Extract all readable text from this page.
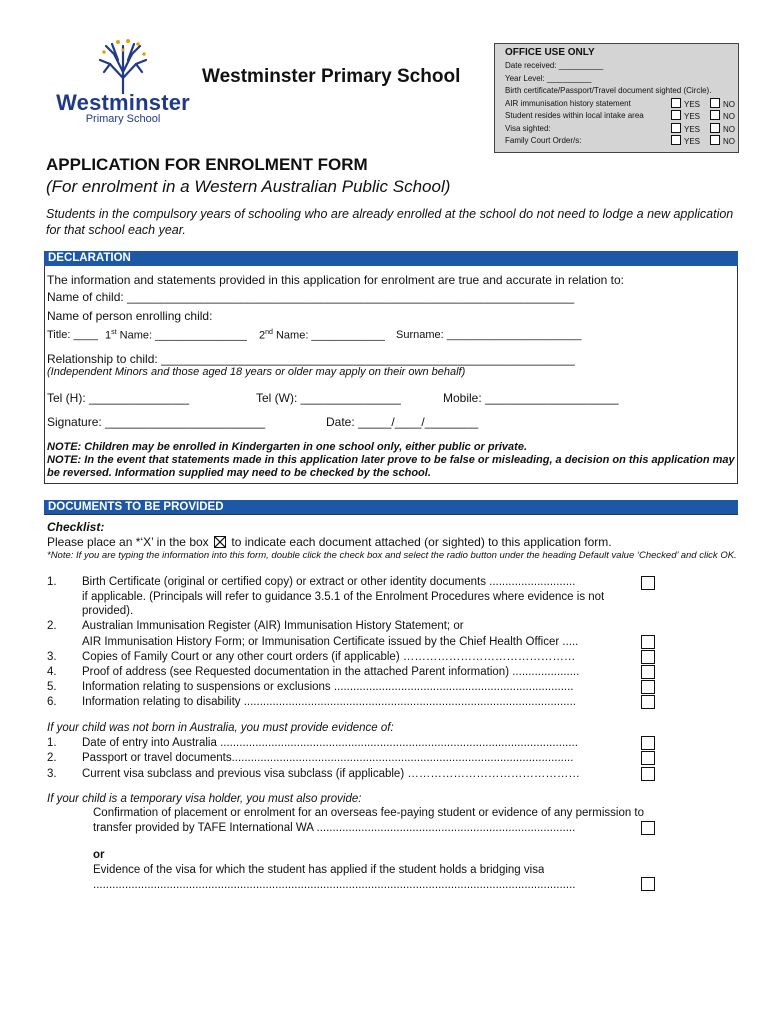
Westminster
Primary School
Westminster Primary School
OFFICE USE ONLY
Date received: __________
Year Level: __________
Birth certificate/Passport/Travel document sighted (Circle).
AIR immunisation history statement	YES	NO
Student resides within local intake area	YES	NO
Visa sighted:	YES	NO
Family Court Order/s:	YES	NO
APPLICATION FOR ENROLMENT FORM
(For enrolment in a Western Australian Public School)
Students in the compulsory years of schooling who are already enrolled at the school do not need to lodge a new application for that school each year.
DECLARATION
The information and statements provided in this application for enrolment are true and accurate in relation to:
Name of child: ___________________________________________________________________
Name of person enrolling child:
Title: ____ 1st Name: _______________ 2nd Name: ____________ Surname: ______________________
Relationship to child: ______________________________________________________________
(Independent Minors and those aged 18 years or older may apply on their own behalf)
Tel (H): _______________	Tel (W): _______________	Mobile: ____________________
Signature: ________________________	Date: _____/____/________
NOTE: Children may be enrolled in Kindergarten in one school only, either public or private.
NOTE: In the event that statements made in this application later prove to be false or misleading, a decision on this application may be reversed. Information supplied may need to be checked by the school.
DOCUMENTS TO BE PROVIDED
Checklist:
Please place an *‘X’ in the box to indicate each document attached (or sighted) to this application form.
*Note: If you are typing the information into this form, double click the check box and select the radio button under the heading Default value ‘Checked’ and click OK.
1. Birth Certificate (original or certified copy) or extract or other identity documents ...........................
if applicable. (Principals will refer to guidance 3.5.1 of the Enrolment Procedures where evidence is not
provided).
2. Australian Immunisation Register (AIR) Immunisation History Statement; or
AIR Immunisation History Form; or Immunisation Certificate issued by the Chief Health Officer .....
3. Copies of Family Court or any other court orders (if applicable) ………………………………………
4. Proof of address (see Requested documentation in the attached Parent information) .....................
5. Information relating to suspensions or exclusions ...........................................................................
6. Information relating to disability ........................................................................................................
If your child was not born in Australia, you must provide evidence of:
1. Date of entry into Australia ................................................................................................................
2. Passport or travel documents...........................................................................................................
3. Current visa subclass and previous visa subclass (if applicable) ………………………………………
If your child is a temporary visa holder, you must also provide:
Confirmation of placement or enrolment for an overseas fee-paying student or evidence of any permission to
transfer provided by TAFE International WA .................................................................................
or
Evidence of the visa for which the student has applied if the student holds a bridging visa
.......................................................................................................................................................
